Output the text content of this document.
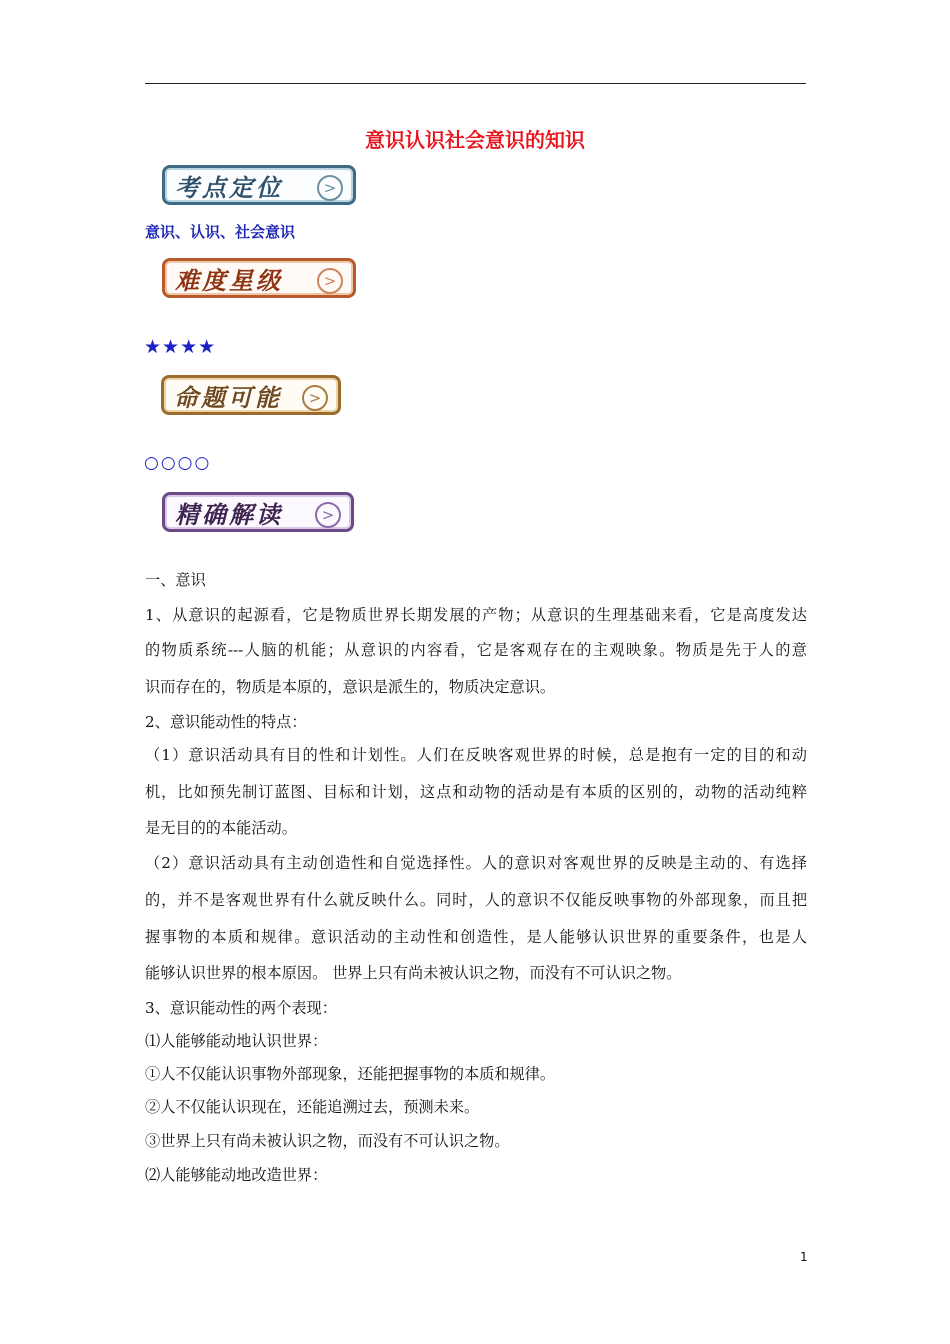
意识认识社会意识的知识
考点定位	>
意识、认识、社会意识
难度星级	>
★★★★
命题可能	>
○○○○
精确解读	>
一、意识
1、从意识的起源看，它是物质世界长期发展的产物；从意识的生理基础来看，它是高度发达
的物质系统---人脑的机能；从意识的内容看，它是客观存在的主观映象。物质是先于人的意
识而存在的，物质是本原的，意识是派生的，物质决定意识。
2、意识能动性的特点：
（1）意识活动具有目的性和计划性。人们在反映客观世界的时候，总是抱有一定的目的和动
机，比如预先制订蓝图、目标和计划，这点和动物的活动是有本质的区别的，动物的活动纯粹
是无目的的本能活动。
（2）意识活动具有主动创造性和自觉选择性。人的意识对客观世界的反映是主动的、有选择
的，并不是客观世界有什么就反映什么。同时，人的意识不仅能反映事物的外部现象，而且把
握事物的本质和规律。意识活动的主动性和创造性，是人能够认识世界的重要条件，也是人
能够认识世界的根本原因。 世界上只有尚未被认识之物，而没有不可认识之物。
3、意识能动性的两个表现：
⑴人能够能动地认识世界：
①人不仅能认识事物外部现象，还能把握事物的本质和规律。
②人不仅能认识现在，还能追溯过去，预测未来。
③世界上只有尚未被认识之物，而没有不可认识之物。
⑵人能够能动地改造世界：
1
